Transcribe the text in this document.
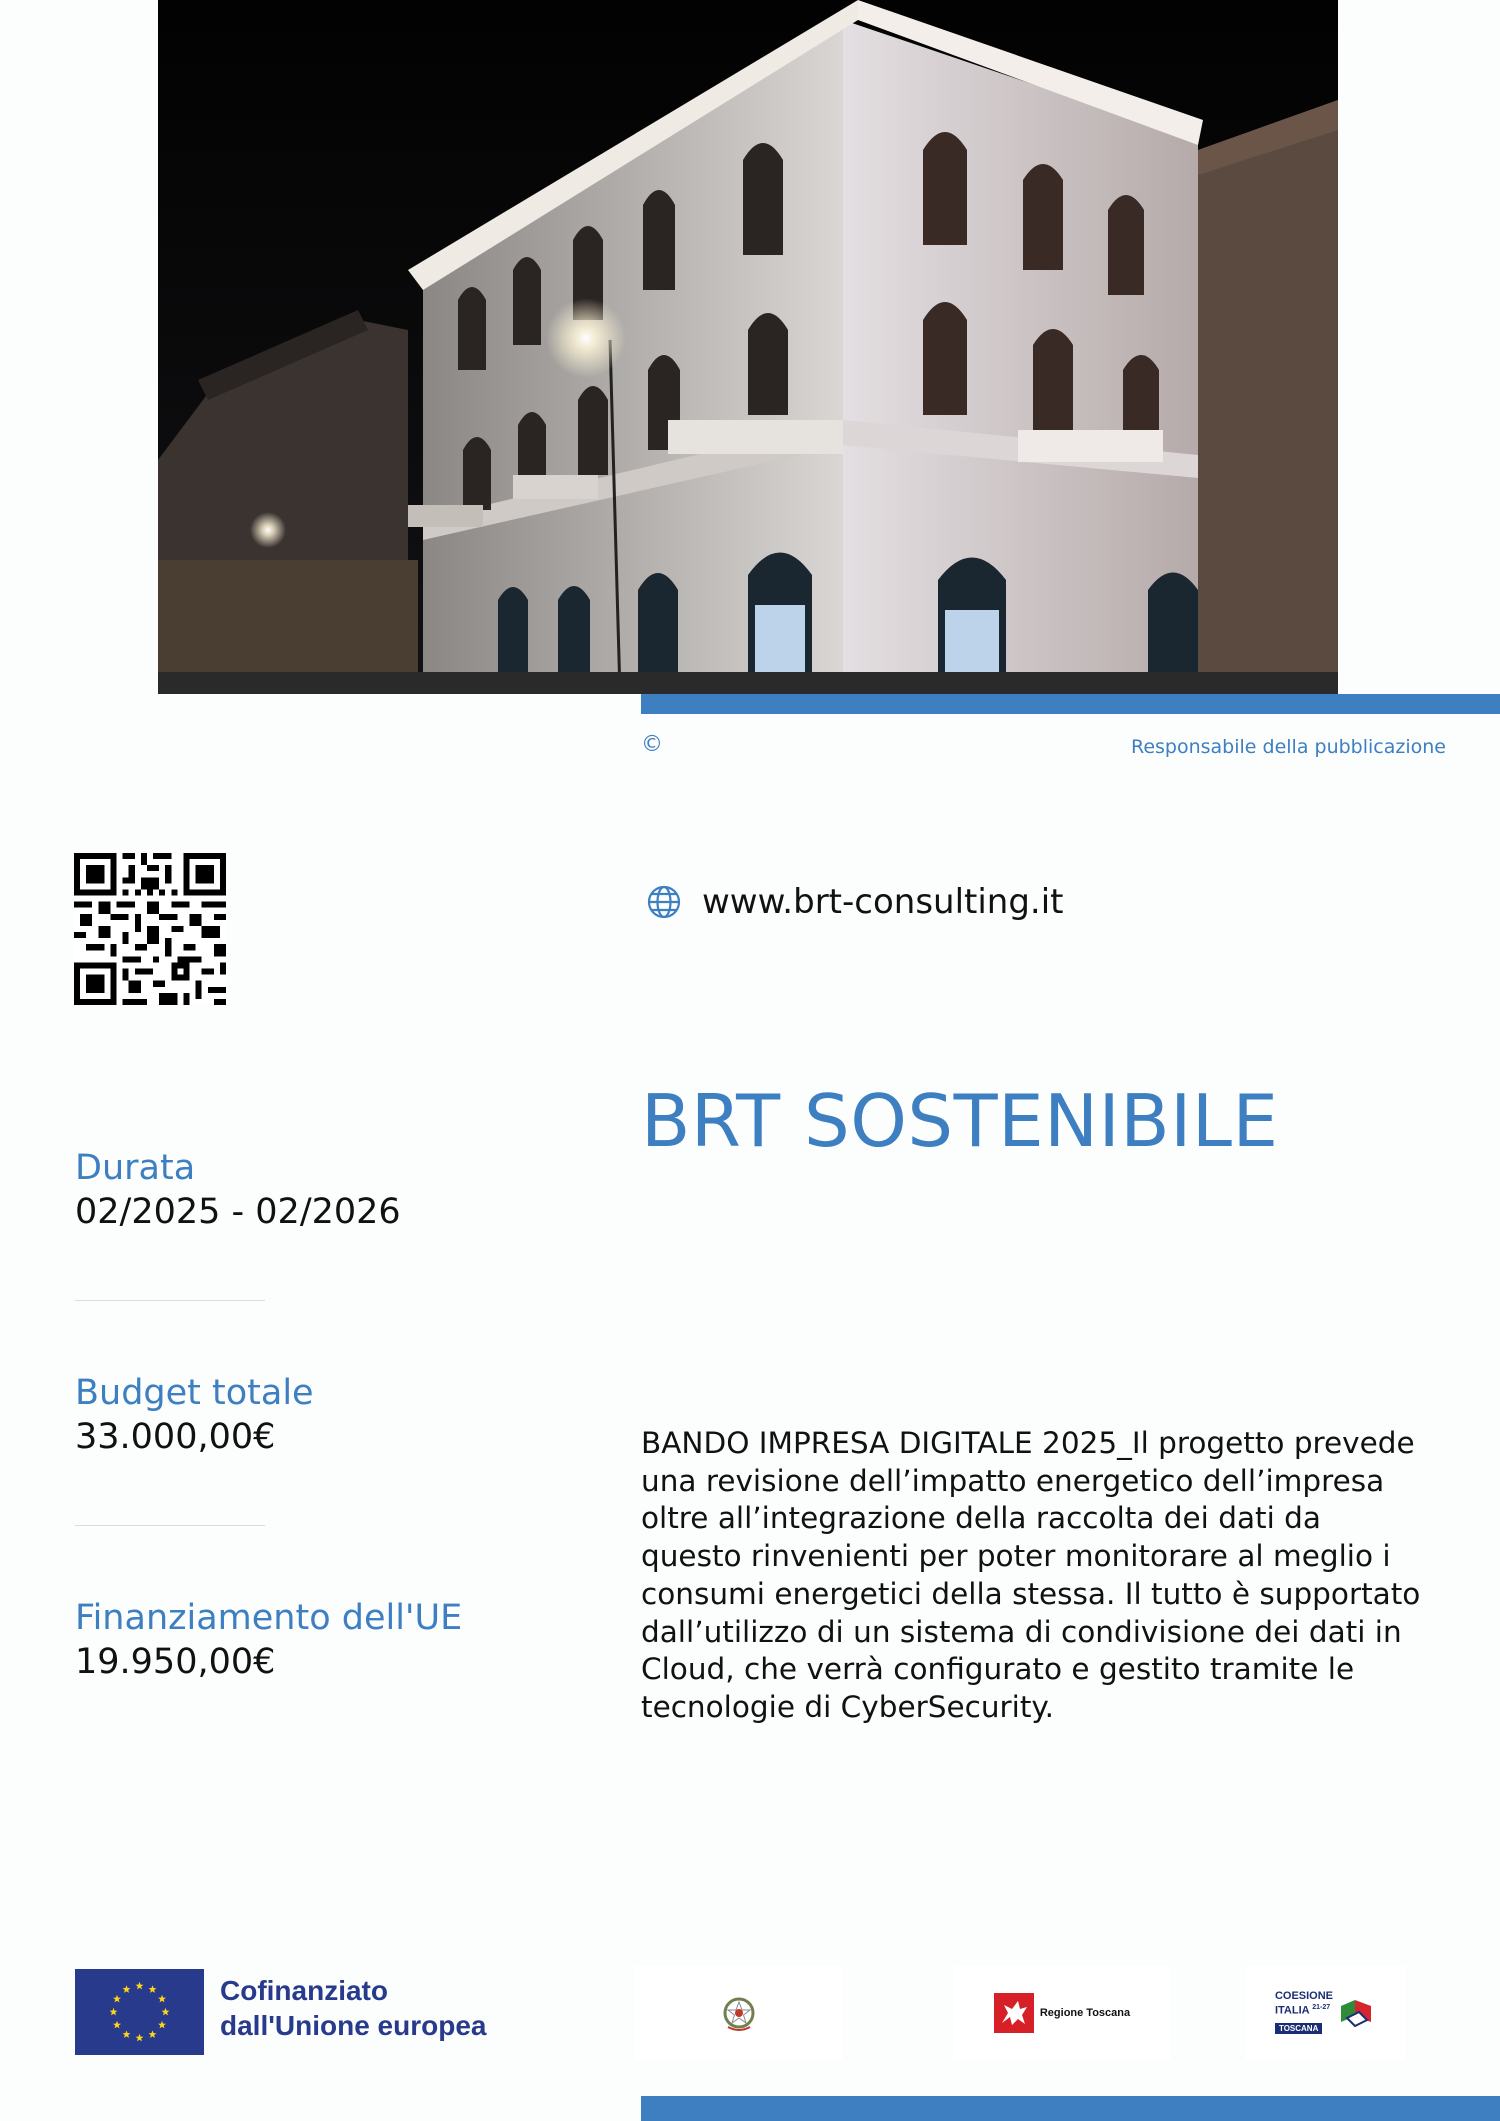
©	Responsabile della pubblicazione
www.brt-consulting.it
BRT SOSTENIBILE
Durata
02/2025 - 02/2026
Budget totale
33.000,00€
Finanziamento dell'UE
19.950,00€
BANDO IMPRESA DIGITALE 2025_Il progetto prevede una revisione dell’impatto energetico dell’impresa oltre all’integrazione della raccolta dei dati da questo rinvenienti per poter monitorare al meglio i consumi energetici della stessa. Il tutto è supportato dall’utilizzo di un sistema di condivisione dei dati in Cloud, che verrà configurato e gestito tramite le tecnologie di CyberSecurity.
Cofinanziato
dall'Unione europea	Regione Toscana
COESIONE
ITALIA $^{21-27}$
TOSCANA
